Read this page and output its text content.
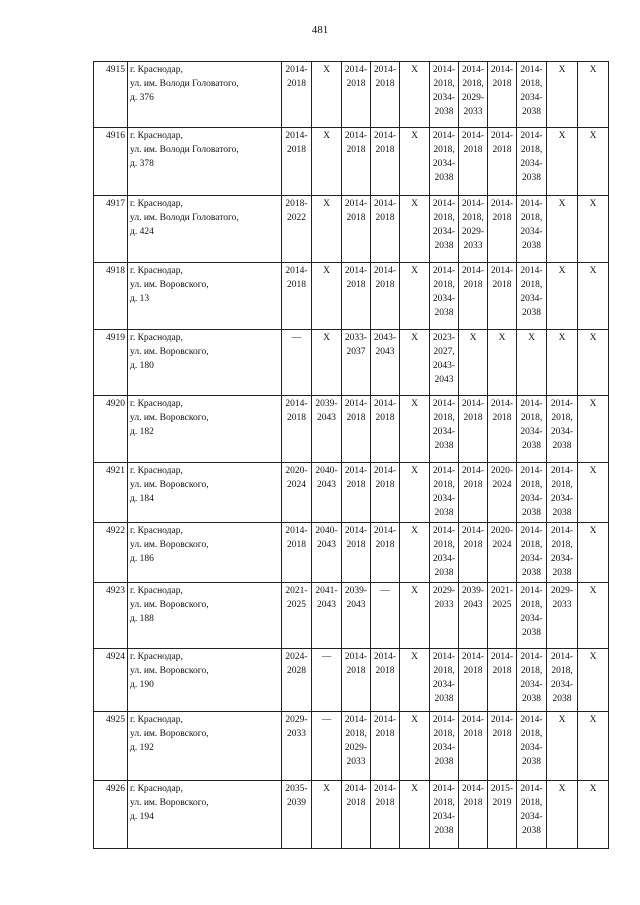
481
4915	г. Краснодар,
ул. им. Володи Головатого,
д. 376	2014-
2018	X	2014-
2018	2014-
2018	X	2014-
2018,
2034-
2038	2014-
2018,
2029-
2033	2014-
2018	2014-
2018,
2034-
2038	X	X
4916	г. Краснодар,
ул. им. Володи Головатого,
д. 378	2014-
2018	X	2014-
2018	2014-
2018	X	2014-
2018,
2034-
2038	2014-
2018	2014-
2018	2014-
2018,
2034-
2038	X	X
4917	г. Краснодар,
ул. им. Володи Головатого,
д. 424	2018-
2022	X	2014-
2018	2014-
2018	X	2014-
2018,
2034-
2038	2014-
2018,
2029-
2033	2014-
2018	2014-
2018,
2034-
2038	X	X
4918	г. Краснодар,
ул. им. Воровского,
д. 13	2014-
2018	X	2014-
2018	2014-
2018	X	2014-
2018,
2034-
2038	2014-
2018	2014-
2018	2014-
2018,
2034-
2038	X	X
4919	г. Краснодар,
ул. им. Воровского,
д. 180	—	X	2033-
2037	2043-
2043	X	2023-
2027,
2043-
2043	X	X	X	X	X
4920	г. Краснодар,
ул. им. Воровского,
д. 182	2014-
2018	2039-
2043	2014-
2018	2014-
2018	X	2014-
2018,
2034-
2038	2014-
2018	2014-
2018	2014-
2018,
2034-
2038	2014-
2018,
2034-
2038	X
4921	г. Краснодар,
ул. им. Воровского,
д. 184	2020-
2024	2040-
2043	2014-
2018	2014-
2018	X	2014-
2018,
2034-
2038	2014-
2018	2020-
2024	2014-
2018,
2034-
2038	2014-
2018,
2034-
2038	X
4922	г. Краснодар,
ул. им. Воровского,
д. 186	2014-
2018	2040-
2043	2014-
2018	2014-
2018	X	2014-
2018,
2034-
2038	2014-
2018	2020-
2024	2014-
2018,
2034-
2038	2014-
2018,
2034-
2038	X
4923	г. Краснодар,
ул. им. Воровского,
д. 188	2021-
2025	2041-
2043	2039-
2043	—	X	2029-
2033	2039-
2043	2021-
2025	2014-
2018,
2034-
2038	2029-
2033	X
4924	г. Краснодар,
ул. им. Воровского,
д. 190	2024-
2028	—	2014-
2018	2014-
2018	X	2014-
2018,
2034-
2038	2014-
2018	2014-
2018	2014-
2018,
2034-
2038	2014-
2018,
2034-
2038	X
4925	г. Краснодар,
ул. им. Воровского,
д. 192	2029-
2033	—	2014-
2018,
2029-
2033	2014-
2018	X	2014-
2018,
2034-
2038	2014-
2018	2014-
2018	2014-
2018,
2034-
2038	X	X
4926	г. Краснодар,
ул. им. Воровского,
д. 194	2035-
2039	X	2014-
2018	2014-
2018	X	2014-
2018,
2034-
2038	2014-
2018	2015-
2019	2014-
2018,
2034-
2038	X	X
